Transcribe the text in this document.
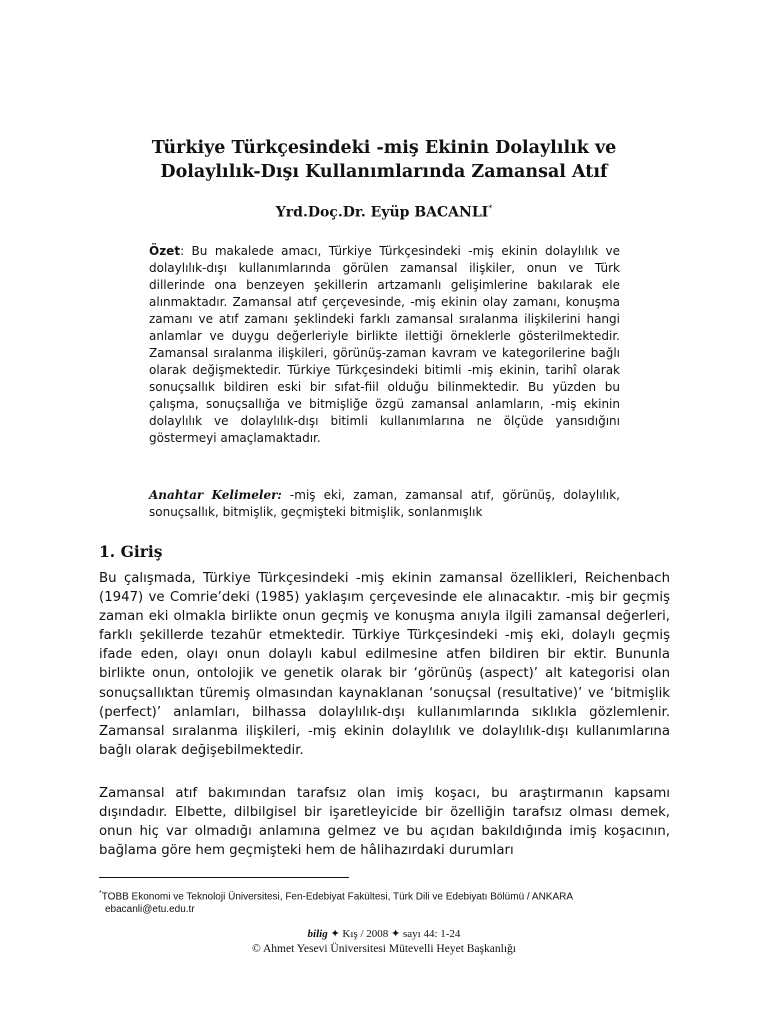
Türkiye Türkçesindeki -miş Ekinin Dolaylılık ve
Dolaylılık-Dışı Kullanımlarında Zamansal Atıf
Yrd.Doç.Dr. Eyüp BACANLI*
Özet: Bu makalede amacı, Türkiye Türkçesindeki -miş ekinin dolaylılık ve dolaylılık-dışı kullanımlarında görülen zamansal ilişkiler, onun ve Türk dillerinde ona benzeyen şekillerin artzamanlı gelişimlerine bakılarak ele alınmaktadır. Zamansal atıf çerçevesinde, -miş ekinin olay zamanı, konuşma zamanı ve atıf zamanı şeklindeki farklı zamansal sıralanma ilişkilerini hangi anlamlar ve duygu değerleriyle birlikte ilettiği örneklerle gösterilmektedir. Zamansal sıralanma ilişkileri, görünüş-zaman kavram ve kategorilerine bağlı olarak değişmektedir. Türkiye Türkçesindeki bitimli -miş ekinin, tarihî olarak sonuçsallık bildiren eski bir sıfat-fiil olduğu bilinmektedir. Bu yüzden bu çalışma, sonuçsallığa ve bitmişliğe özgü zamansal anlamların, -miş ekinin dolaylılık ve dolaylılık-dışı bitimli kullanımlarına ne ölçüde yansıdığını göstermeyi amaçlamaktadır.
Anahtar Kelimeler: -miş eki, zaman, zamansal atıf, görünüş, dolaylılık, sonuçsallık, bitmişlik, geçmişteki bitmişlik, sonlanmışlık
1. Giriş

Bu çalışmada, Türkiye Türkçesindeki -miş ekinin zamansal özellikleri, Reichenbach (1947) ve Comrie’deki (1985) yaklaşım çerçevesinde ele alınacaktır. -miş bir geçmiş zaman eki olmakla birlikte onun geçmiş ve konuşma anıyla ilgili zamansal değerleri, farklı şekillerde tezahür etmektedir. Türkiye Türkçesindeki -miş eki, dolaylı geçmiş ifade eden, olayı onun dolaylı kabul edilmesine atfen bildiren bir ektir. Bununla birlikte onun, ontolojik ve genetik olarak bir ‘görünüş (aspect)’ alt kategorisi olan sonuçsallıktan türemiş olmasından kaynaklanan ‘sonuçsal (resultative)’ ve ‘bitmişlik (perfect)’ anlamları, bilhassa dolaylılık-dışı kullanımlarında sıklıkla gözlemlenir. Zamansal sıralanma ilişkileri, -miş ekinin dolaylılık ve dolaylılık-dışı kullanımlarına bağlı olarak değişebilmektedir.

Zamansal atıf bakımından tarafsız olan imiş koşacı, bu araştırmanın kapsamı dışındadır. Elbette, dilbilgisel bir işaretleyicide bir özelliğin tarafsız olması demek, onun hiç var olmadığı anlamına gelmez ve bu açıdan bakıldığında imiş koşacının, bağlama göre hem geçmişteki hem de hâlihazırdaki durumları

*TOBB Ekonomi ve Teknoloji Üniversitesi, Fen-Edebiyat Fakültesi, Türk Dili ve Edebiyatı Bölümü / ANKARA
ebacanli@etu.edu.tr
bilig ✦ Kış / 2008 ✦ sayı 44: 1-24
© Ahmet Yesevi Üniversitesi Mütevelli Heyet Başkanlığı
